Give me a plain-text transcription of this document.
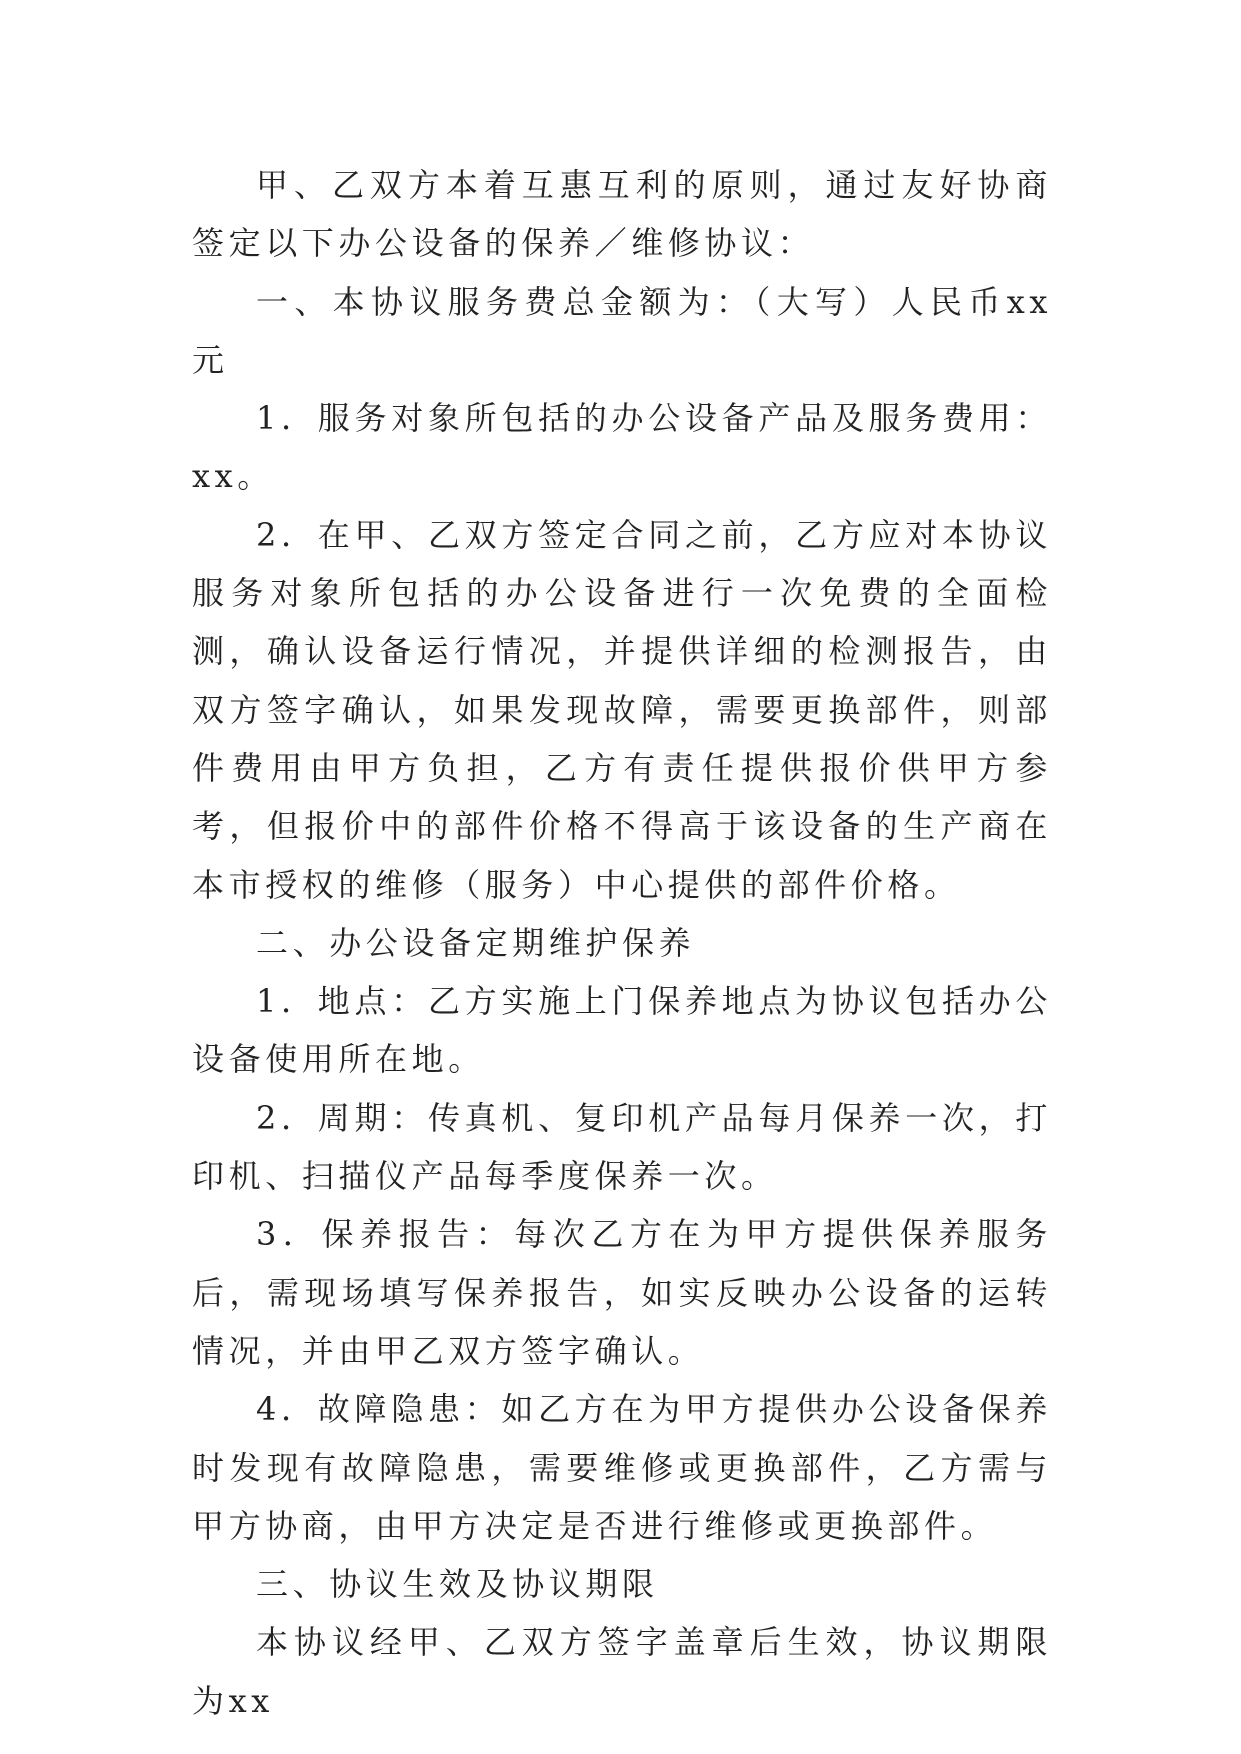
甲、乙双方本着互惠互利的原则，通过友好协商签定以下办公设备的保养／维修协议：

一、本协议服务费总金额为：（大写）人民币xx元

1．服务对象所包括的办公设备产品及服务费用：xx。

2．在甲、乙双方签定合同之前，乙方应对本协议服务对象所包括的办公设备进行一次免费的全面检测，确认设备运行情况，并提供详细的检测报告，由双方签字确认，如果发现故障，需要更换部件，则部件费用由甲方负担，乙方有责任提供报价供甲方参考，但报价中的部件价格不得高于该设备的生产商在本市授权的维修（服务）中心提供的部件价格。

二、办公设备定期维护保养

1．地点：乙方实施上门保养地点为协议包括办公设备使用所在地。

2．周期：传真机、复印机产品每月保养一次，打印机、扫描仪产品每季度保养一次。

3．保养报告：每次乙方在为甲方提供保养服务后，需现场填写保养报告，如实反映办公设备的运转情况，并由甲乙双方签字确认。

4．故障隐患：如乙方在为甲方提供办公设备保养时发现有故障隐患，需要维修或更换部件，乙方需与甲方协商，由甲方决定是否进行维修或更换部件。

三、协议生效及协议期限

本协议经甲、乙双方签字盖章后生效，协议期限为xx
